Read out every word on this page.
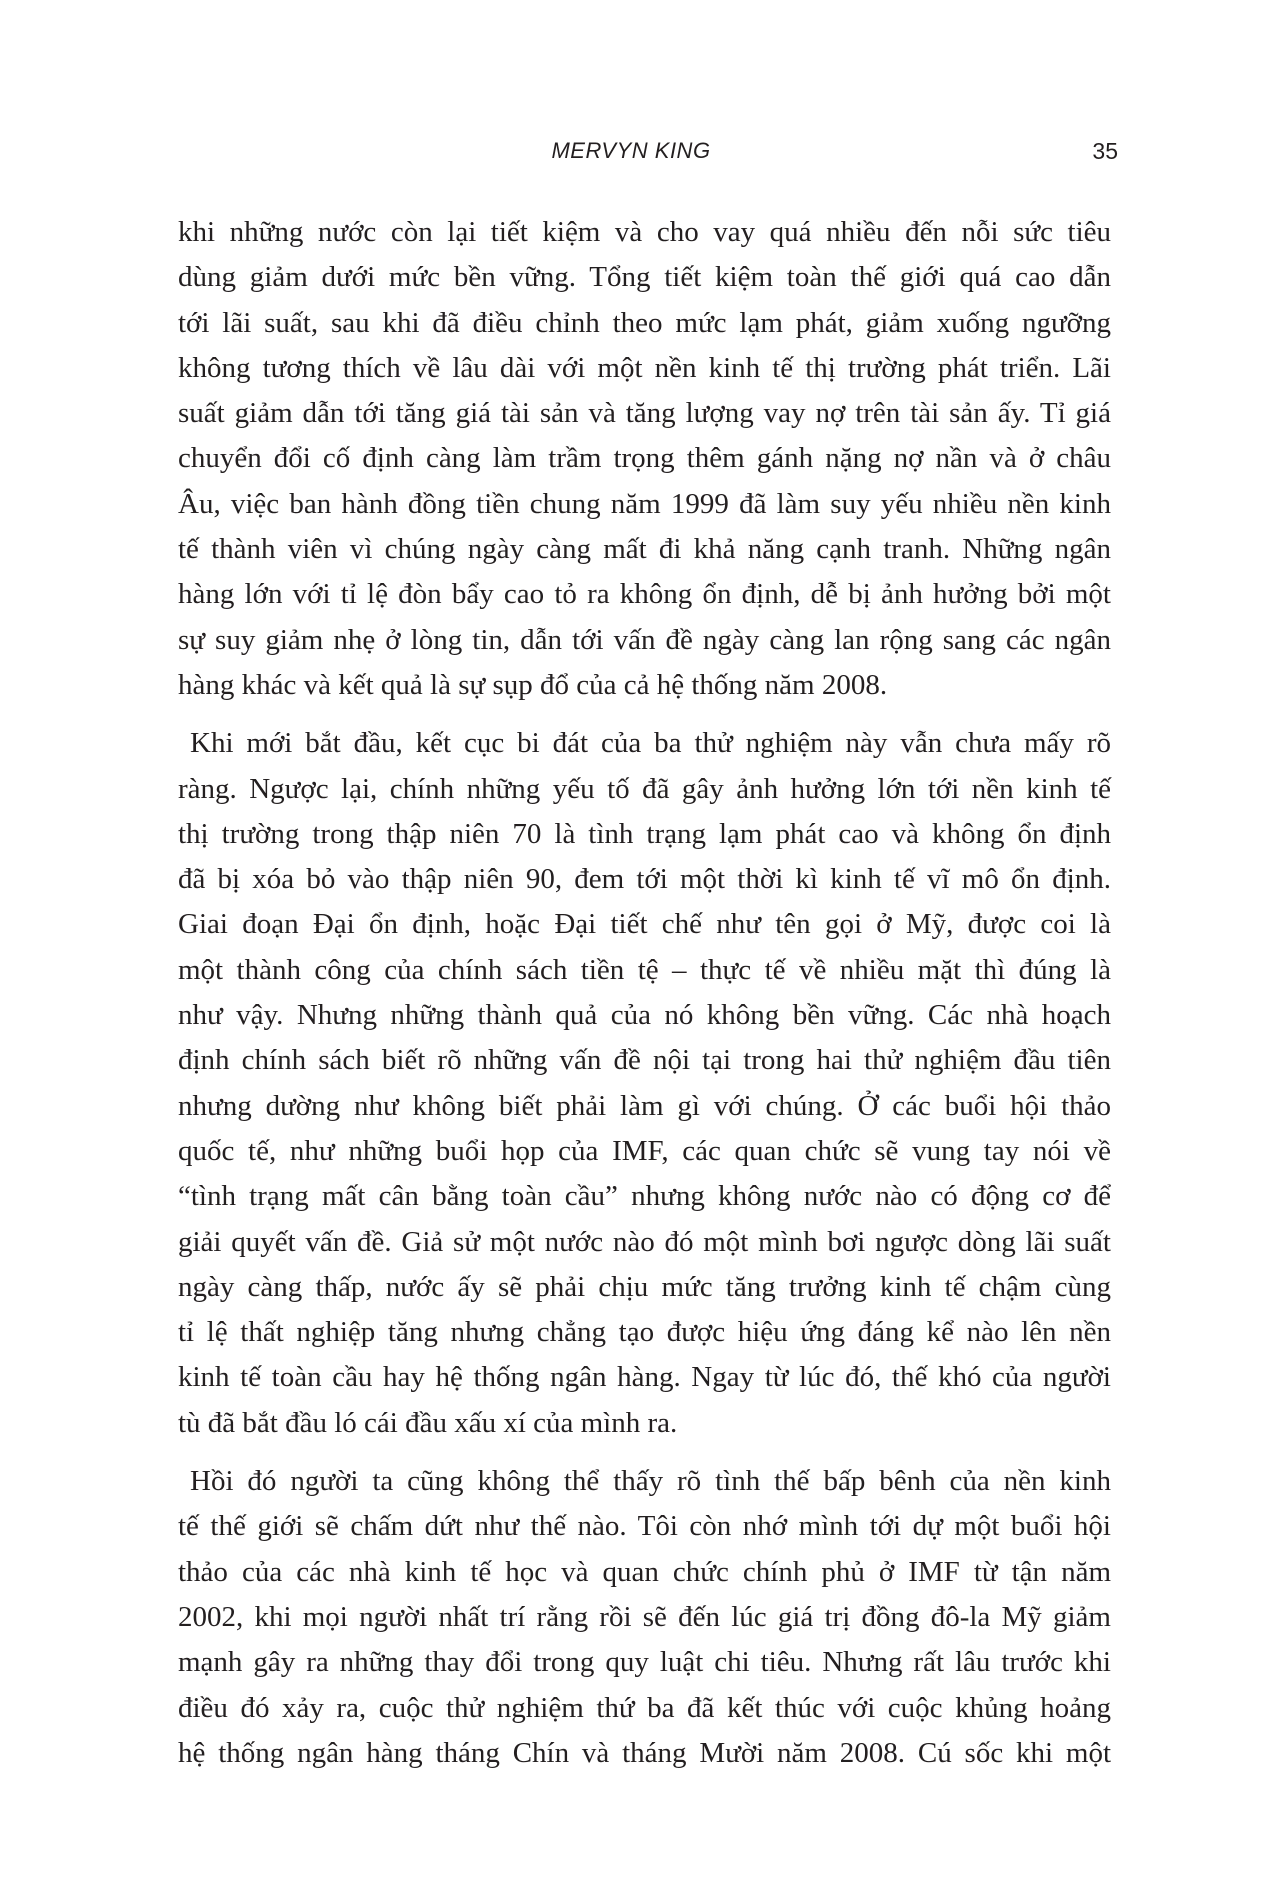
MERVYN KING	35
khi những nước còn lại tiết kiệm và cho vay quá nhiều đến nỗi sức tiêu
dùng giảm dưới mức bền vững. Tổng tiết kiệm toàn thế giới quá cao dẫn
tới lãi suất, sau khi đã điều chỉnh theo mức lạm phát, giảm xuống ngưỡng
không tương thích về lâu dài với một nền kinh tế thị trường phát triển. Lãi
suất giảm dẫn tới tăng giá tài sản và tăng lượng vay nợ trên tài sản ấy. Tỉ giá
chuyển đổi cố định càng làm trầm trọng thêm gánh nặng nợ nần và ở châu
Âu, việc ban hành đồng tiền chung năm 1999 đã làm suy yếu nhiều nền kinh
tế thành viên vì chúng ngày càng mất đi khả năng cạnh tranh. Những ngân
hàng lớn với tỉ lệ đòn bẩy cao tỏ ra không ổn định, dễ bị ảnh hưởng bởi một
sự suy giảm nhẹ ở lòng tin, dẫn tới vấn đề ngày càng lan rộng sang các ngân
hàng khác và kết quả là sự sụp đổ của cả hệ thống năm 2008.
Khi mới bắt đầu, kết cục bi đát của ba thử nghiệm này vẫn chưa mấy rõ
ràng. Ngược lại, chính những yếu tố đã gây ảnh hưởng lớn tới nền kinh tế
thị trường trong thập niên 70 là tình trạng lạm phát cao và không ổn định
đã bị xóa bỏ vào thập niên 90, đem tới một thời kì kinh tế vĩ mô ổn định.
Giai đoạn Đại ổn định, hoặc Đại tiết chế như tên gọi ở Mỹ, được coi là
một thành công của chính sách tiền tệ – thực tế về nhiều mặt thì đúng là
như vậy. Nhưng những thành quả của nó không bền vững. Các nhà hoạch
định chính sách biết rõ những vấn đề nội tại trong hai thử nghiệm đầu tiên
nhưng dường như không biết phải làm gì với chúng. Ở các buổi hội thảo
quốc tế, như những buổi họp của IMF, các quan chức sẽ vung tay nói về
“tình trạng mất cân bằng toàn cầu” nhưng không nước nào có động cơ để
giải quyết vấn đề. Giả sử một nước nào đó một mình bơi ngược dòng lãi suất
ngày càng thấp, nước ấy sẽ phải chịu mức tăng trưởng kinh tế chậm cùng
tỉ lệ thất nghiệp tăng nhưng chẳng tạo được hiệu ứng đáng kể nào lên nền
kinh tế toàn cầu hay hệ thống ngân hàng. Ngay từ lúc đó, thế khó của người
tù đã bắt đầu ló cái đầu xấu xí của mình ra.
Hồi đó người ta cũng không thể thấy rõ tình thế bấp bênh của nền kinh
tế thế giới sẽ chấm dứt như thế nào. Tôi còn nhớ mình tới dự một buổi hội
thảo của các nhà kinh tế học và quan chức chính phủ ở IMF từ tận năm
2002, khi mọi người nhất trí rằng rồi sẽ đến lúc giá trị đồng đô-la Mỹ giảm
mạnh gây ra những thay đổi trong quy luật chi tiêu. Nhưng rất lâu trước khi
điều đó xảy ra, cuộc thử nghiệm thứ ba đã kết thúc với cuộc khủng hoảng
hệ thống ngân hàng tháng Chín và tháng Mười năm 2008. Cú sốc khi một
